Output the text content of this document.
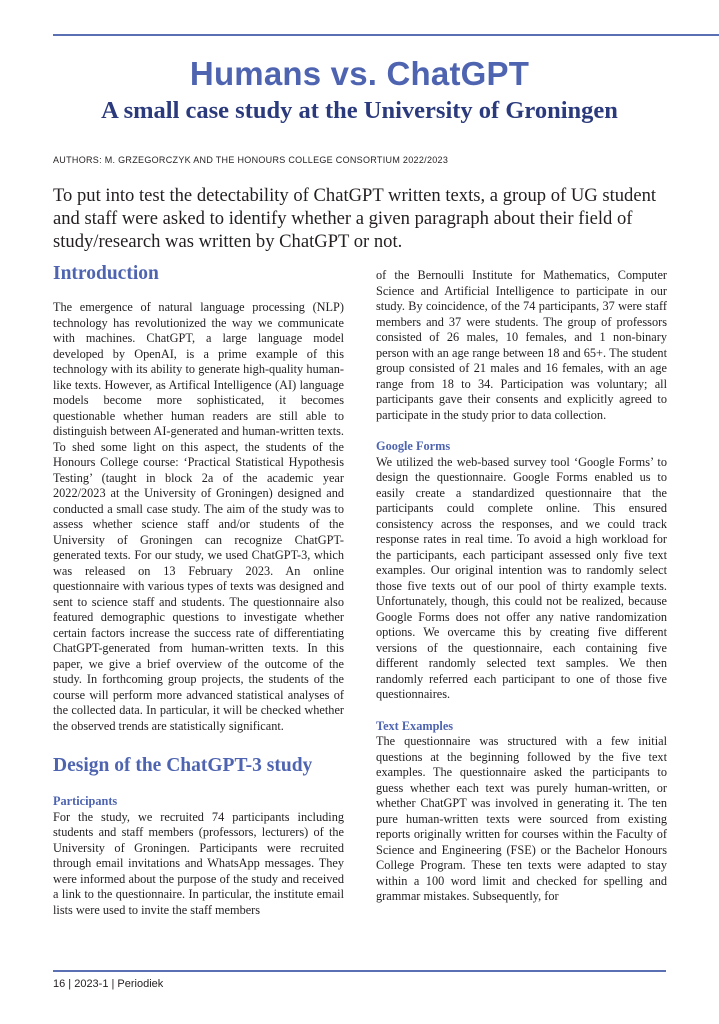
Humans vs. ChatGPT
A small case study at the University of Groningen
AUTHORS: M. GRZEGORCZYK AND THE HONOURS COLLEGE CONSORTIUM 2022/2023
To put into test the detectability of ChatGPT written texts, a group of UG student and staff were asked to identify whether a given paragraph about their field of study/research was written by ChatGPT or not.
Introduction

The emergence of natural language processing (NLP) technology has revolutionized the way we communicate with machines. ChatGPT, a large language model developed by OpenAI, is a prime example of this technology with its ability to generate high-quality human-like texts. However, as Artifical Intelligence (AI) language models become more sophisticated, it becomes questionable whether human readers are still able to distinguish between AI-generated and human-written texts. To shed some light on this aspect, the students of the Honours College course: ‘Practical Statistical Hypothesis Testing’ (taught in block 2a of the academic year 2022/2023 at the University of Groningen) designed and conducted a small case study. The aim of the study was to assess whether science staff and/or students of the University of Groningen can recognize ChatGPT-generated texts. For our study, we used ChatGPT-3, which was released on 13 February 2023. An online questionnaire with various types of texts was designed and sent to science staff and students. The questionnaire also featured demographic questions to investigate whether certain factors increase the success rate of differentiating ChatGPT-generated from human-written texts. In this paper, we give a brief overview of the outcome of the study. In forthcoming group projects, the students of the course will perform more advanced statistical analyses of the collected data. In particular, it will be checked whether the observed trends are statistically significant.

Design of the ChatGPT-3 study
Participants

For the study, we recruited 74 participants including students and staff members (professors, lecturers) of the University of Groningen. Participants were recruited through email invitations and WhatsApp messages. They were informed about the purpose of the study and received a link to the questionnaire. In particular, the institute email lists were used to invite the staff members

of the Bernoulli Institute for Mathematics, Computer Science and Artificial Intelligence to participate in our study. By coincidence, of the 74 participants, 37 were staff members and 37 were students. The group of professors consisted of 26 males, 10 females, and 1 non-binary person with an age range between 18 and 65+. The student group consisted of 21 males and 16 females, with an age range from 18 to 34. Participation was voluntary; all participants gave their consents and explicitly agreed to participate in the study prior to data collection.

Google Forms

We utilized the web-based survey tool ‘Google Forms’ to design the questionnaire. Google Forms enabled us to easily create a standardized questionnaire that the participants could complete online. This ensured consistency across the responses, and we could track response rates in real time. To avoid a high workload for the participants, each participant assessed only five text examples. Our original intention was to randomly select those five texts out of our pool of thirty example texts. Unfortunately, though, this could not be realized, because Google Forms does not offer any native randomization options. We overcame this by creating five different versions of the questionnaire, each containing five different randomly selected text samples. We then randomly referred each participant to one of those five questionnaires.

Text Examples

The questionnaire was structured with a few initial questions at the beginning followed by the five text examples. The questionnaire asked the participants to guess whether each text was purely human-written, or whether ChatGPT was involved in generating it. The ten pure human-written texts were sourced from existing reports originally written for courses within the Faculty of Science and Engineering (FSE) or the Bachelor Honours College Program. These ten texts were adapted to stay within a 100 word limit and checked for spelling and grammar mistakes. Subsequently, for

16 | 2023-1 | Periodiek
